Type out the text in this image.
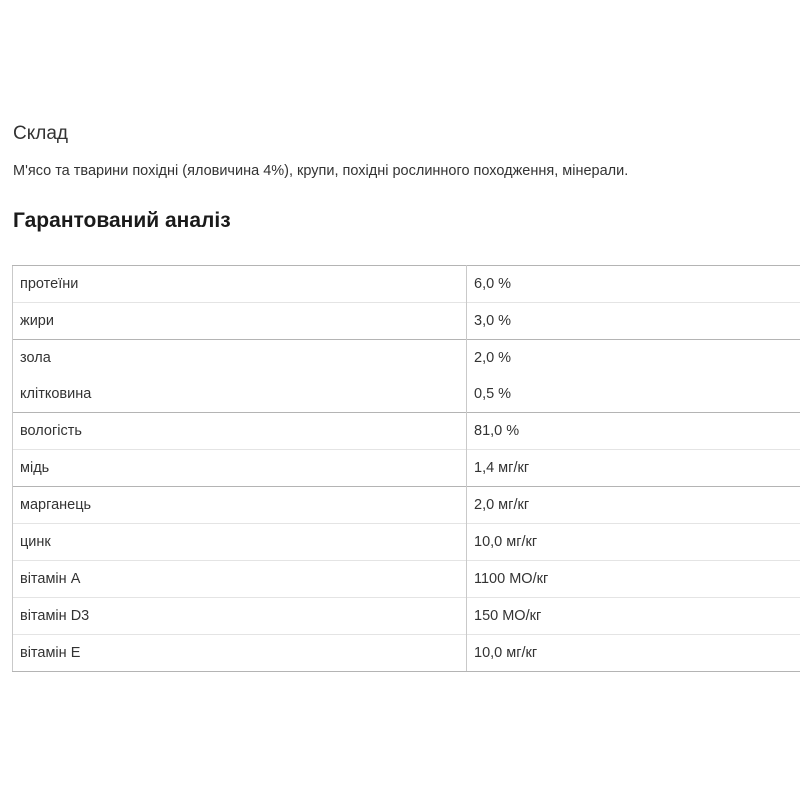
Склад

М'ясо та тварини похідні (яловичина 4%), крупи, похідні рослинного походження, мінерали.

Гарантований аналіз
протеїни	6,0 %
жири	3,0 %
зола	2,0 %
клітковина	0,5 %
вологість	81,0 %
мідь	1,4 мг/кг
марганець	2,0 мг/кг
цинк	10,0 мг/кг
вітамін А	1100 МО/кг
вітамін D3	150 МО/кг
вітамін Е	10,0 мг/кг
